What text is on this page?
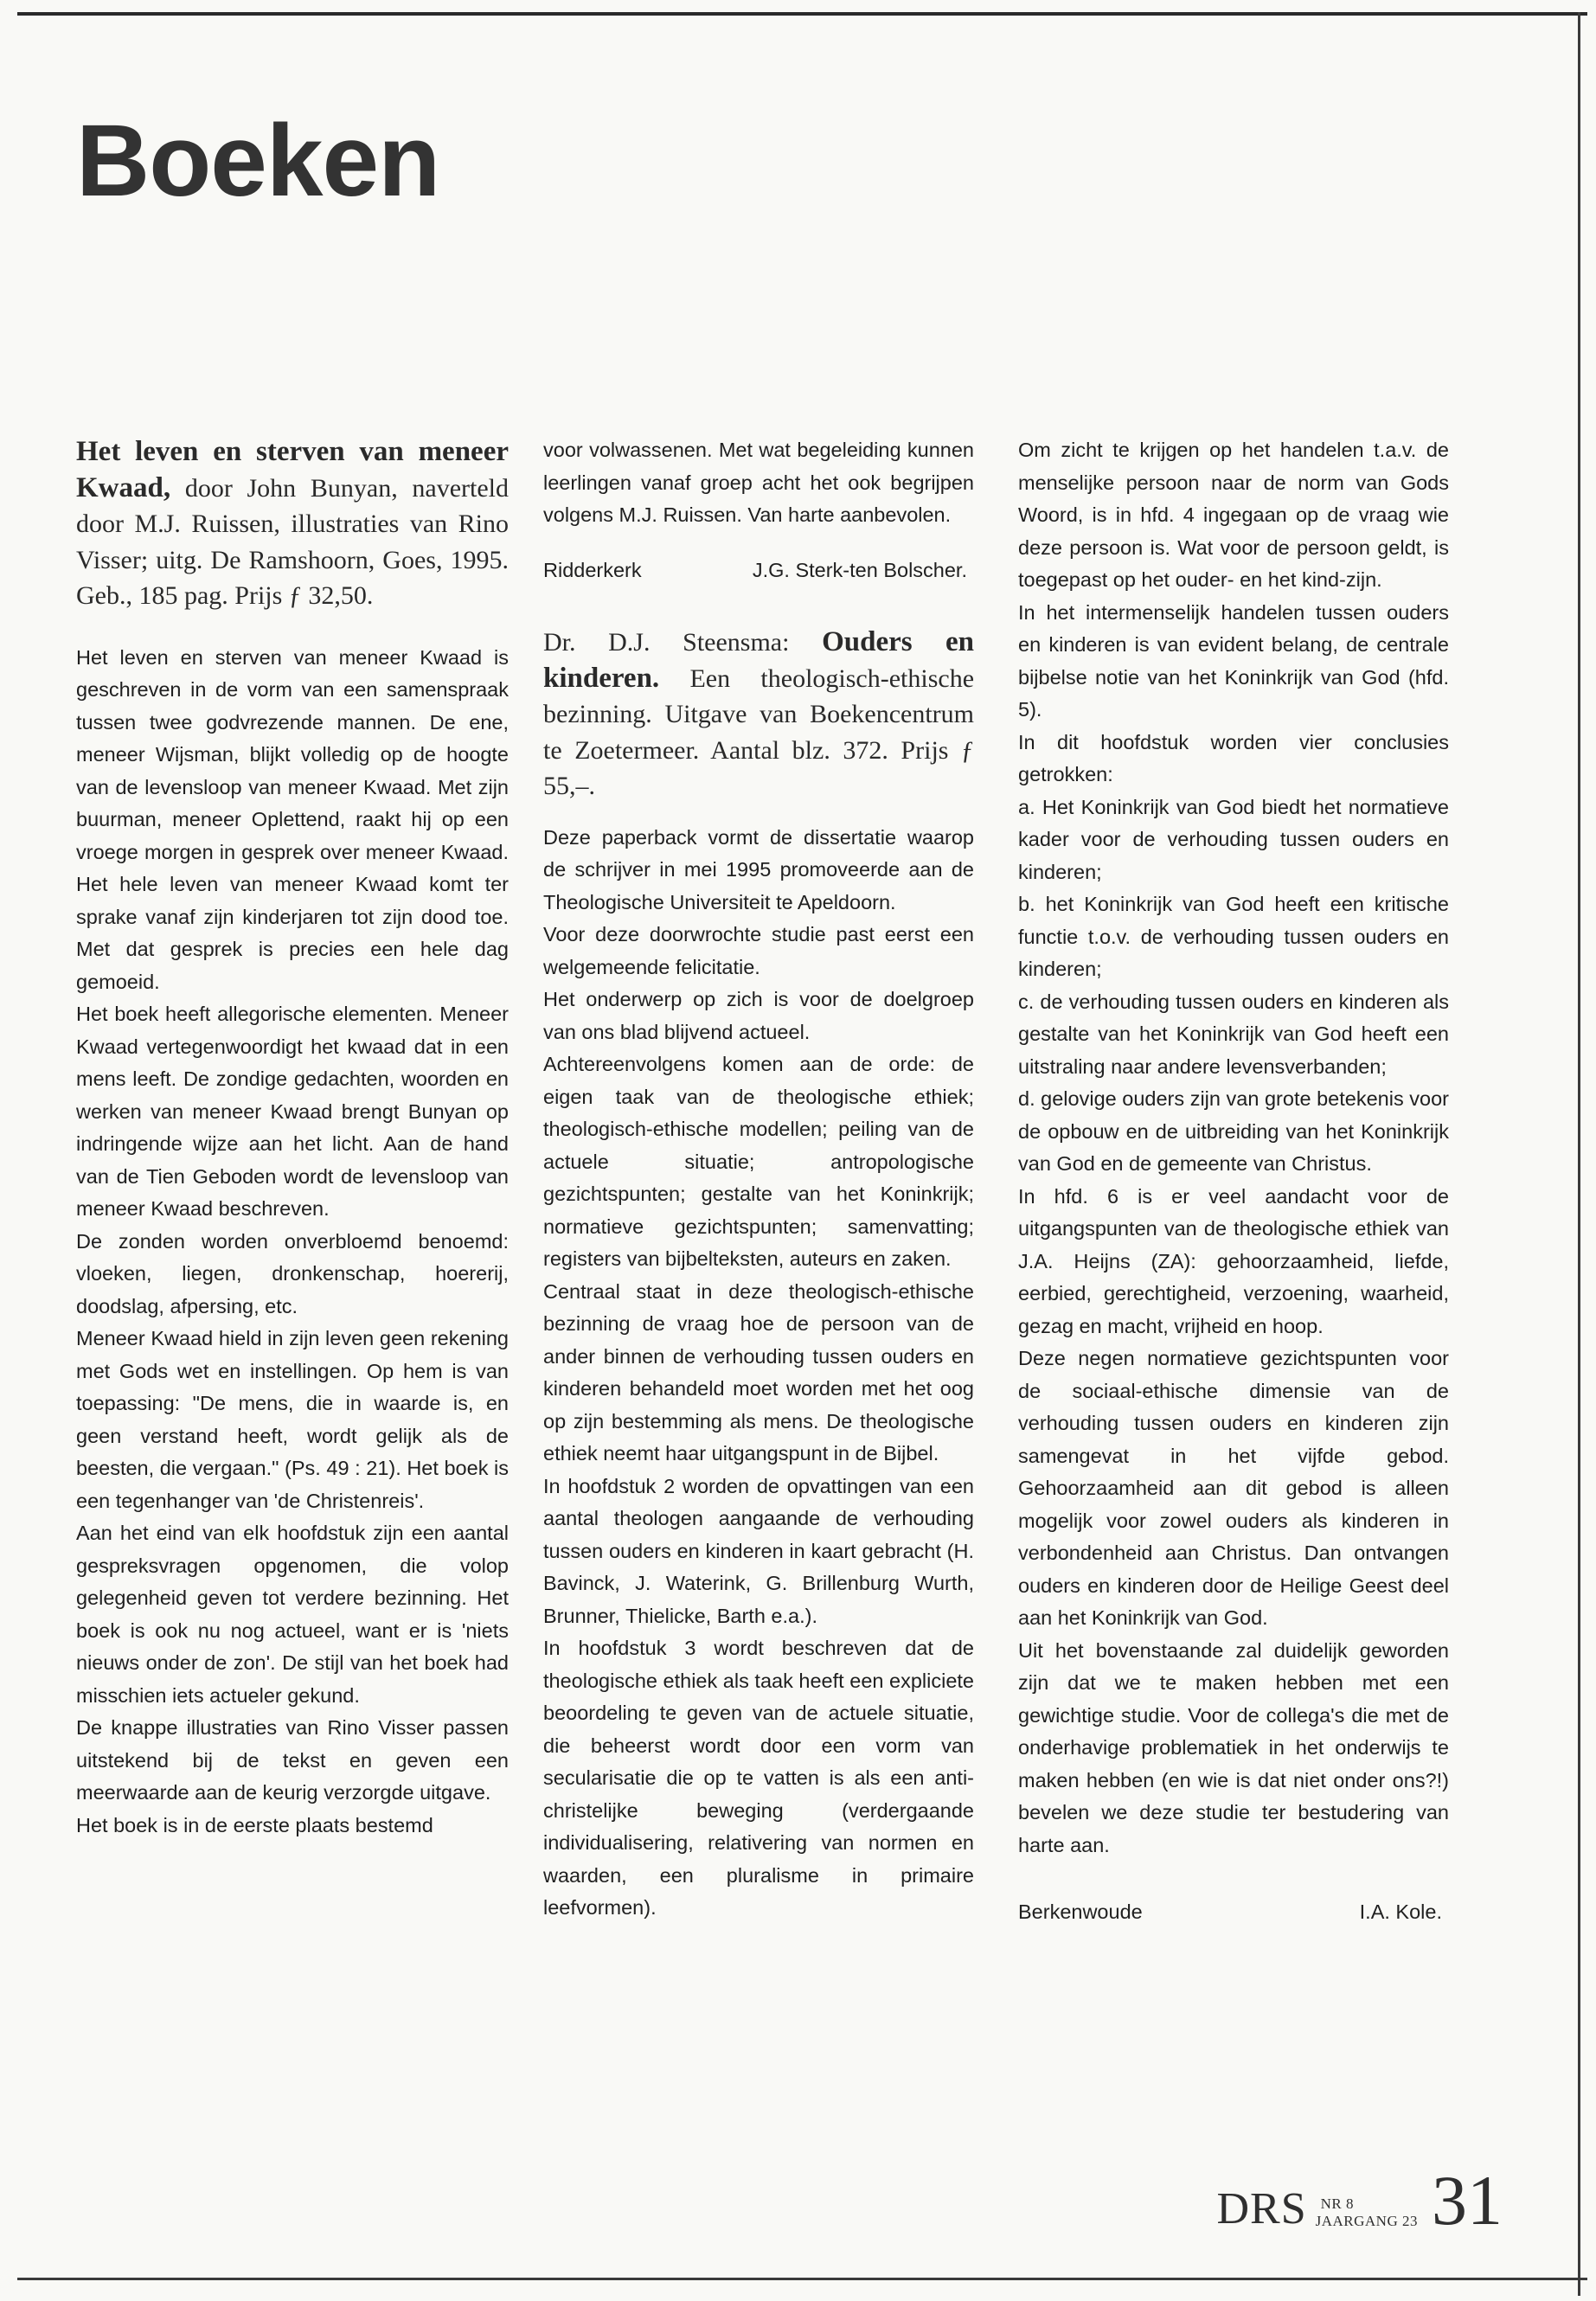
Boeken

Het leven en sterven van meneer Kwaad, door John Bunyan, naverteld door M.J. Ruissen, illustraties van Rino Visser; uitg. De Ramshoorn, Goes, 1995. Geb., 185 pag. Prijs ƒ 32,50.

Het leven en sterven van meneer Kwaad is geschreven in de vorm van een samenspraak tussen twee godvrezende mannen. De ene, meneer Wijsman, blijkt volledig op de hoogte van de levensloop van meneer Kwaad. Met zijn buurman, meneer Oplettend, raakt hij op een vroege morgen in gesprek over meneer Kwaad. Het hele leven van meneer Kwaad komt ter sprake vanaf zijn kinderjaren tot zijn dood toe. Met dat gesprek is precies een hele dag gemoeid.

Het boek heeft allegorische elementen. Meneer Kwaad vertegenwoordigt het kwaad dat in een mens leeft. De zondige gedachten, woorden en werken van meneer Kwaad brengt Bunyan op indringende wijze aan het licht. Aan de hand van de Tien Geboden wordt de levensloop van meneer Kwaad beschreven.

De zonden worden onverbloemd benoemd: vloeken, liegen, dronkenschap, hoererij, doodslag, afpersing, etc.

Meneer Kwaad hield in zijn leven geen rekening met Gods wet en instellingen. Op hem is van toepassing: "De mens, die in waarde is, en geen verstand heeft, wordt gelijk als de beesten, die vergaan." (Ps. 49 : 21). Het boek is een tegenhanger van 'de Christenreis'.

Aan het eind van elk hoofdstuk zijn een aantal gespreksvragen opgenomen, die volop gelegenheid geven tot verdere bezinning. Het boek is ook nu nog actueel, want er is 'niets nieuws onder de zon'. De stijl van het boek had misschien iets actueler gekund.

De knappe illustraties van Rino Visser passen uitstekend bij de tekst en geven een meerwaarde aan de keurig verzorgde uitgave.

Het boek is in de eerste plaats bestemd

voor volwassenen. Met wat begeleiding kunnen leerlingen vanaf groep acht het ook begrijpen volgens M.J. Ruissen. Van harte aanbevolen.

Ridderkerk	J.G. Sterk-ten Bolscher.

Dr. D.J. Steensma: Ouders en kinderen. Een theologisch-ethische bezinning. Uitgave van Boekencentrum te Zoetermeer. Aantal blz. 372. Prijs ƒ 55,–.

Deze paperback vormt de dissertatie waarop de schrijver in mei 1995 promoveerde aan de Theologische Universiteit te Apeldoorn.

Voor deze doorwrochte studie past eerst een welgemeende felicitatie.

Het onderwerp op zich is voor de doelgroep van ons blad blijvend actueel.

Achtereenvolgens komen aan de orde: de eigen taak van de theologische ethiek; theologisch-ethische modellen; peiling van de actuele situatie; antropologische gezichtspunten; gestalte van het Koninkrijk; normatieve gezichtspunten; samenvatting; registers van bijbelteksten, auteurs en zaken.

Centraal staat in deze theologisch-ethische bezinning de vraag hoe de persoon van de ander binnen de verhouding tussen ouders en kinderen behandeld moet worden met het oog op zijn bestemming als mens. De theologische ethiek neemt haar uitgangspunt in de Bijbel.

In hoofdstuk 2 worden de opvattingen van een aantal theologen aangaande de verhouding tussen ouders en kinderen in kaart gebracht (H. Bavinck, J. Waterink, G. Brillenburg Wurth, Brunner, Thielicke, Barth e.a.).

In hoofdstuk 3 wordt beschreven dat de theologische ethiek als taak heeft een expliciete beoordeling te geven van de actuele situatie, die beheerst wordt door een vorm van secularisatie die op te vatten is als een anti-christelijke beweging (verdergaande individualisering, relativering van normen en waarden, een pluralisme in primaire leefvormen).

Om zicht te krijgen op het handelen t.a.v. de menselijke persoon naar de norm van Gods Woord, is in hfd. 4 ingegaan op de vraag wie deze persoon is. Wat voor de persoon geldt, is toegepast op het ouder- en het kind-zijn.

In het intermenselijk handelen tussen ouders en kinderen is van evident belang, de centrale bijbelse notie van het Koninkrijk van God (hfd. 5).

In dit hoofdstuk worden vier conclusies getrokken:

a. Het Koninkrijk van God biedt het normatieve kader voor de verhouding tussen ouders en kinderen;

b. het Koninkrijk van God heeft een kritische functie t.o.v. de verhouding tussen ouders en kinderen;

c. de verhouding tussen ouders en kinderen als gestalte van het Koninkrijk van God heeft een uitstraling naar andere levensverbanden;

d. gelovige ouders zijn van grote betekenis voor de opbouw en de uitbreiding van het Koninkrijk van God en de gemeente van Christus.

In hfd. 6 is er veel aandacht voor de uitgangspunten van de theologische ethiek van J.A. Heijns (ZA): gehoorzaamheid, liefde, eerbied, gerechtigheid, verzoening, waarheid, gezag en macht, vrijheid en hoop.

Deze negen normatieve gezichtspunten voor de sociaal-ethische dimensie van de verhouding tussen ouders en kinderen zijn samengevat in het vijfde gebod. Gehoorzaamheid aan dit gebod is alleen mogelijk voor zowel ouders als kinderen in verbondenheid aan Christus. Dan ontvangen ouders en kinderen door de Heilige Geest deel aan het Koninkrijk van God.

Uit het bovenstaande zal duidelijk geworden zijn dat we te maken hebben met een gewichtige studie. Voor de collega's die met de onderhavige problematiek in het onderwijs te maken hebben (en wie is dat niet onder ons?!) bevelen we deze studie ter bestudering van harte aan.

Berkenwoude	I.A. Kole.
DRS NR 8
JAARGANG 23 31
